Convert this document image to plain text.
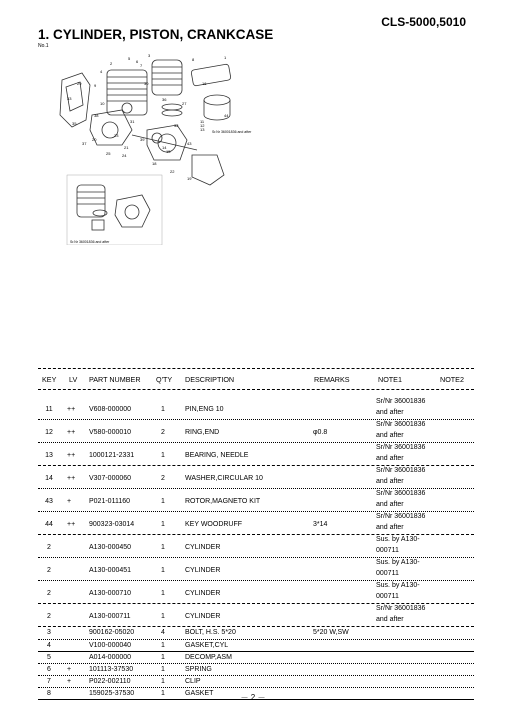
CLS-5000,5010
1. CYLINDER, PISTON, CRANKCASE
No.1
Sr.Nr 36001836 and after
Sr.Nr 36001836 and after
1
2
3
4
5
6
7
8
9
10
11
12
13
14
15
16
18
19
20
21
22
23
24
25
27
29	30
31
32
33
35
36
37
38
39
43
44
KEY LV PART NUMBER Q'TY DESCRIPTION	REMARKS	NOTE1	NOTE2
11	++ V608-000000	1	PIN,ENG 10
Sr/Nr 36001836
and after
12	++ V580-000010	2	RING,END	φ0.8
Sr/Nr 36001836
and after
13	++ 1000121-2331	1	BEARING, NEEDLE
Sr/Nr 36001836
and after
14	++ V307-000060	2	WASHER,CIRCULAR 10
Sr/Nr 36001836
and after
43	+	P021-011160	1	ROTOR,MAGNETO KIT
Sr/Nr 36001836
and after
44	++ 900323-03014	1	KEY WOODRUFF	3*14
Sr/Nr 36001836
and after
2	A130-000450	1	CYLINDER
Sus. by A130-
000711
2	A130-000451	1	CYLINDER
Sus. by A130-
000711
2	A130-000710	1	CYLINDER
Sus. by A130-
000711
2	A130-000711	1	CYLINDER
Sr/Nr 36001836
and after
3	900162-05020	4	BOLT, H.S. 5*20	5*20 W,SW
4	V100-000040	1	GASKET,CYL
5	A014-000000	1	DECOMP,ASM
6	+	101113-37530	1	SPRING
7	+	P022-002110	1	CLIP
8	159025-37530	1	GASKET	－ 2 －
